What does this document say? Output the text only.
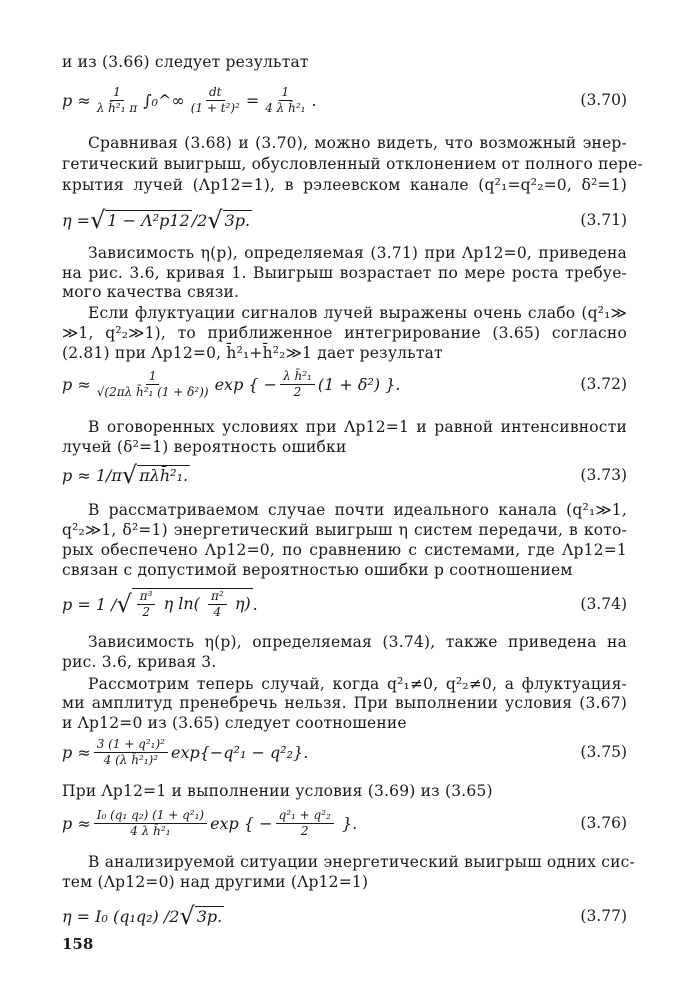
и из (3.66) следует результат
$p \approx \frac{1}{\text{λ h̄²₁ π}}$ ∫₀^∞ $\frac{dt}{\text{(1 + t²)²}} = \frac{1}{\text{4 λ h̄²₁}}$ .	(3.70)
Сравнивая (3.68) и (3.70), можно видеть, что возможный энер-
гетический выигрыш, обусловленный отклонением от полного пере-
крытия лучей (Λp12=1), в рэлеевском канале (q²₁=q²₂=0, δ²=1)
η = √ 1 − Λ²p12 /2 √ 3p.	(3.71)
Зависимость η(p), определяемая (3.71) при Λp12=0, приведена
на рис. 3.6, кривая 1. Выигрыш возрастает по мере роста требуе-
мого качества связи.
Если флуктуации сигналов лучей выражены очень слабо (q²₁≫
≫1, q²₂≫1), то приближенное интегрирование (3.65) согласно
(2.81) при Λp12=0, h̄²₁+h̄²₂≫1 дает результат
$p \approx \frac{1}{\text{√(2πλ h̄²₁ (1 + δ²))}}$ exp { − $\frac{\text{λ h̄²₁}}{2} (1 + \delta^2)$ } .	(3.72)
В оговоренных условиях при Λp12=1 и равной интенсивности
лучей (δ²=1) вероятность ошибки
p ≈ 1/π √ πλh̄²₁.	(3.73)
В рассматриваемом случае почти идеального канала (q²₁≫1,
q²₂≫1, δ²=1) энергетический выигрыш η систем передачи, в кото-
рых обеспечено Λp12=0, по сравнению с системами, где Λp12=1
связан с допустимой вероятностью ошибки p соотношением
p = 1 / √ $\frac{\text{π³}}{2}$ η $\ln( \frac{\text{π²}}{4} \eta)$ .	(3.74)
Зависимость η(p), определяемая (3.74), также приведена на
рис. 3.6, кривая 3.
Рассмотрим теперь случай, когда q²₁≠0, q²₂≠0, а флуктуация-
ми амплитуд пренебречь нельзя. При выполнении условия (3.67)
и Λp12=0 из (3.65) следует соотношение
$p \approx \frac{\text{3 (1 + q²₁)²}}{\text{4 (λ h̄²₁)²}} \exp\{-q^2_1 - q^2_2\}$.	(3.75)
При Λp12=1 и выполнении условия (3.69) из (3.65)
$p \approx \frac{\text{I₀ (q₁ q₂) (1 + q²₁)}}{\text{4 λ h̄²₁}}$ exp { − $\frac{\text{q²₁ + q²₂}}{2}$ } .	(3.76)
В анализируемой ситуации энергетический выигрыш одних сис-
тем (Λp12=0) над другими (Λp12=1)
η = I₀ (q₁q₂) /2 √ 3p.	(3.77)
158
